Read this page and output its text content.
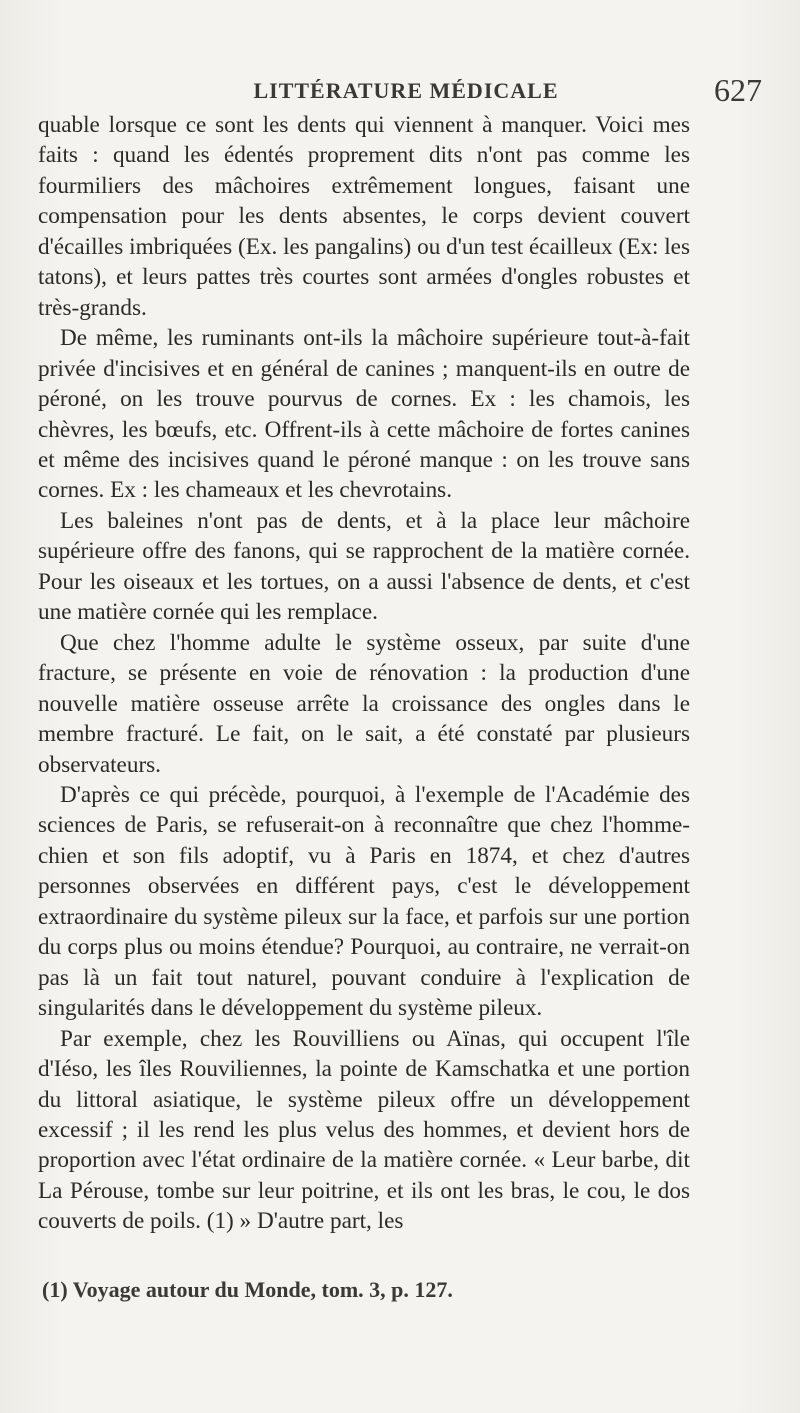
LITTÉRATURE MÉDICALE	627

quable lorsque ce sont les dents qui viennent à manquer. Voici mes faits : quand les édentés proprement dits n'ont pas comme les fourmiliers des mâchoires extrêmement longues, faisant une compensation pour les dents absentes, le corps devient couvert d'écailles imbriquées (Ex. les pangalins) ou d'un test écailleux (Ex: les tatons), et leurs pattes très courtes sont armées d'ongles robustes et très-grands.

De même, les ruminants ont-ils la mâchoire supérieure tout-à-fait privée d'incisives et en général de canines ; manquent-ils en outre de péroné, on les trouve pourvus de cornes. Ex : les chamois, les chèvres, les bœufs, etc. Offrent-ils à cette mâchoire de fortes canines et même des incisives quand le péroné manque : on les trouve sans cornes. Ex : les chameaux et les chevrotains.

Les baleines n'ont pas de dents, et à la place leur mâchoire supérieure offre des fanons, qui se rapprochent de la matière cornée. Pour les oiseaux et les tortues, on a aussi l'absence de dents, et c'est une matière cornée qui les remplace.

Que chez l'homme adulte le système osseux, par suite d'une fracture, se présente en voie de rénovation : la production d'une nouvelle matière osseuse arrête la croissance des ongles dans le membre fracturé. Le fait, on le sait, a été constaté par plusieurs observateurs.

D'après ce qui précède, pourquoi, à l'exemple de l'Académie des sciences de Paris, se refuserait-on à reconnaître que chez l'homme-chien et son fils adoptif, vu à Paris en 1874, et chez d'autres personnes observées en différent pays, c'est le développement extraordinaire du système pileux sur la face, et parfois sur une portion du corps plus ou moins étendue? Pourquoi, au contraire, ne verrait-on pas là un fait tout naturel, pouvant conduire à l'explication de singularités dans le développement du système pileux.

Par exemple, chez les Rouvilliens ou Aïnas, qui occupent l'île d'Iéso, les îles Rouviliennes, la pointe de Kamschatka et une portion du littoral asiatique, le système pileux offre un développement excessif ; il les rend les plus velus des hommes, et devient hors de proportion avec l'état ordinaire de la matière cornée. « Leur barbe, dit La Pérouse, tombe sur leur poitrine, et ils ont les bras, le cou, le dos couverts de poils. (1) » D'autre part, les

(1) Voyage autour du Monde, tom. 3, p. 127.
